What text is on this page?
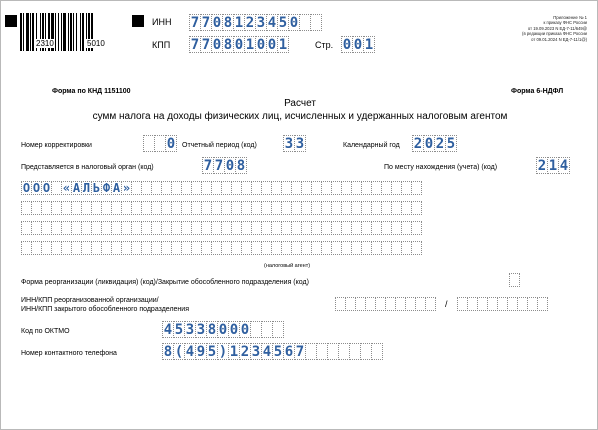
2310	5010
ИНН 7 7 0 8 1 2 3 4 5 0
КПП 7 7 0 8 0 1 0 0 1	Стр. 0 0 1
Приложение № 1
к приказу ФНС России
от 19.09.2023 N ЕД-7-11/649@
(в редакции приказа ФНС России
от 09.01.2024 N ЕД-7-11/1@)
Форма по КНД 1151100	Форма 6-НДФЛ
Расчет
сумм налога на доходы физических лиц, исчисленных и удержанных налоговым агентом
Номер корректировки	0 Отчетный период (код) 3 3	Календарный год 2 0 2 5
Представляется в налоговый орган (код)	7 7 0 8	По месту нахождения (учета) (код)	2 1 4
О О О « А Л Ь Ф А »
(налоговый агент)
Форма реорганизации (ликвидация) (код)/Закрытие обособленного подразделения (код)
ИНН/КПП реорганизованной организации/
ИНН/КПП закрытого обособленного подразделения
/
Код по ОКТМО	4 5 3 3 8 0 0 0
Номер контактного телефона	8 ( 4 9 5 ) 1 2 3 4 5 6 7
